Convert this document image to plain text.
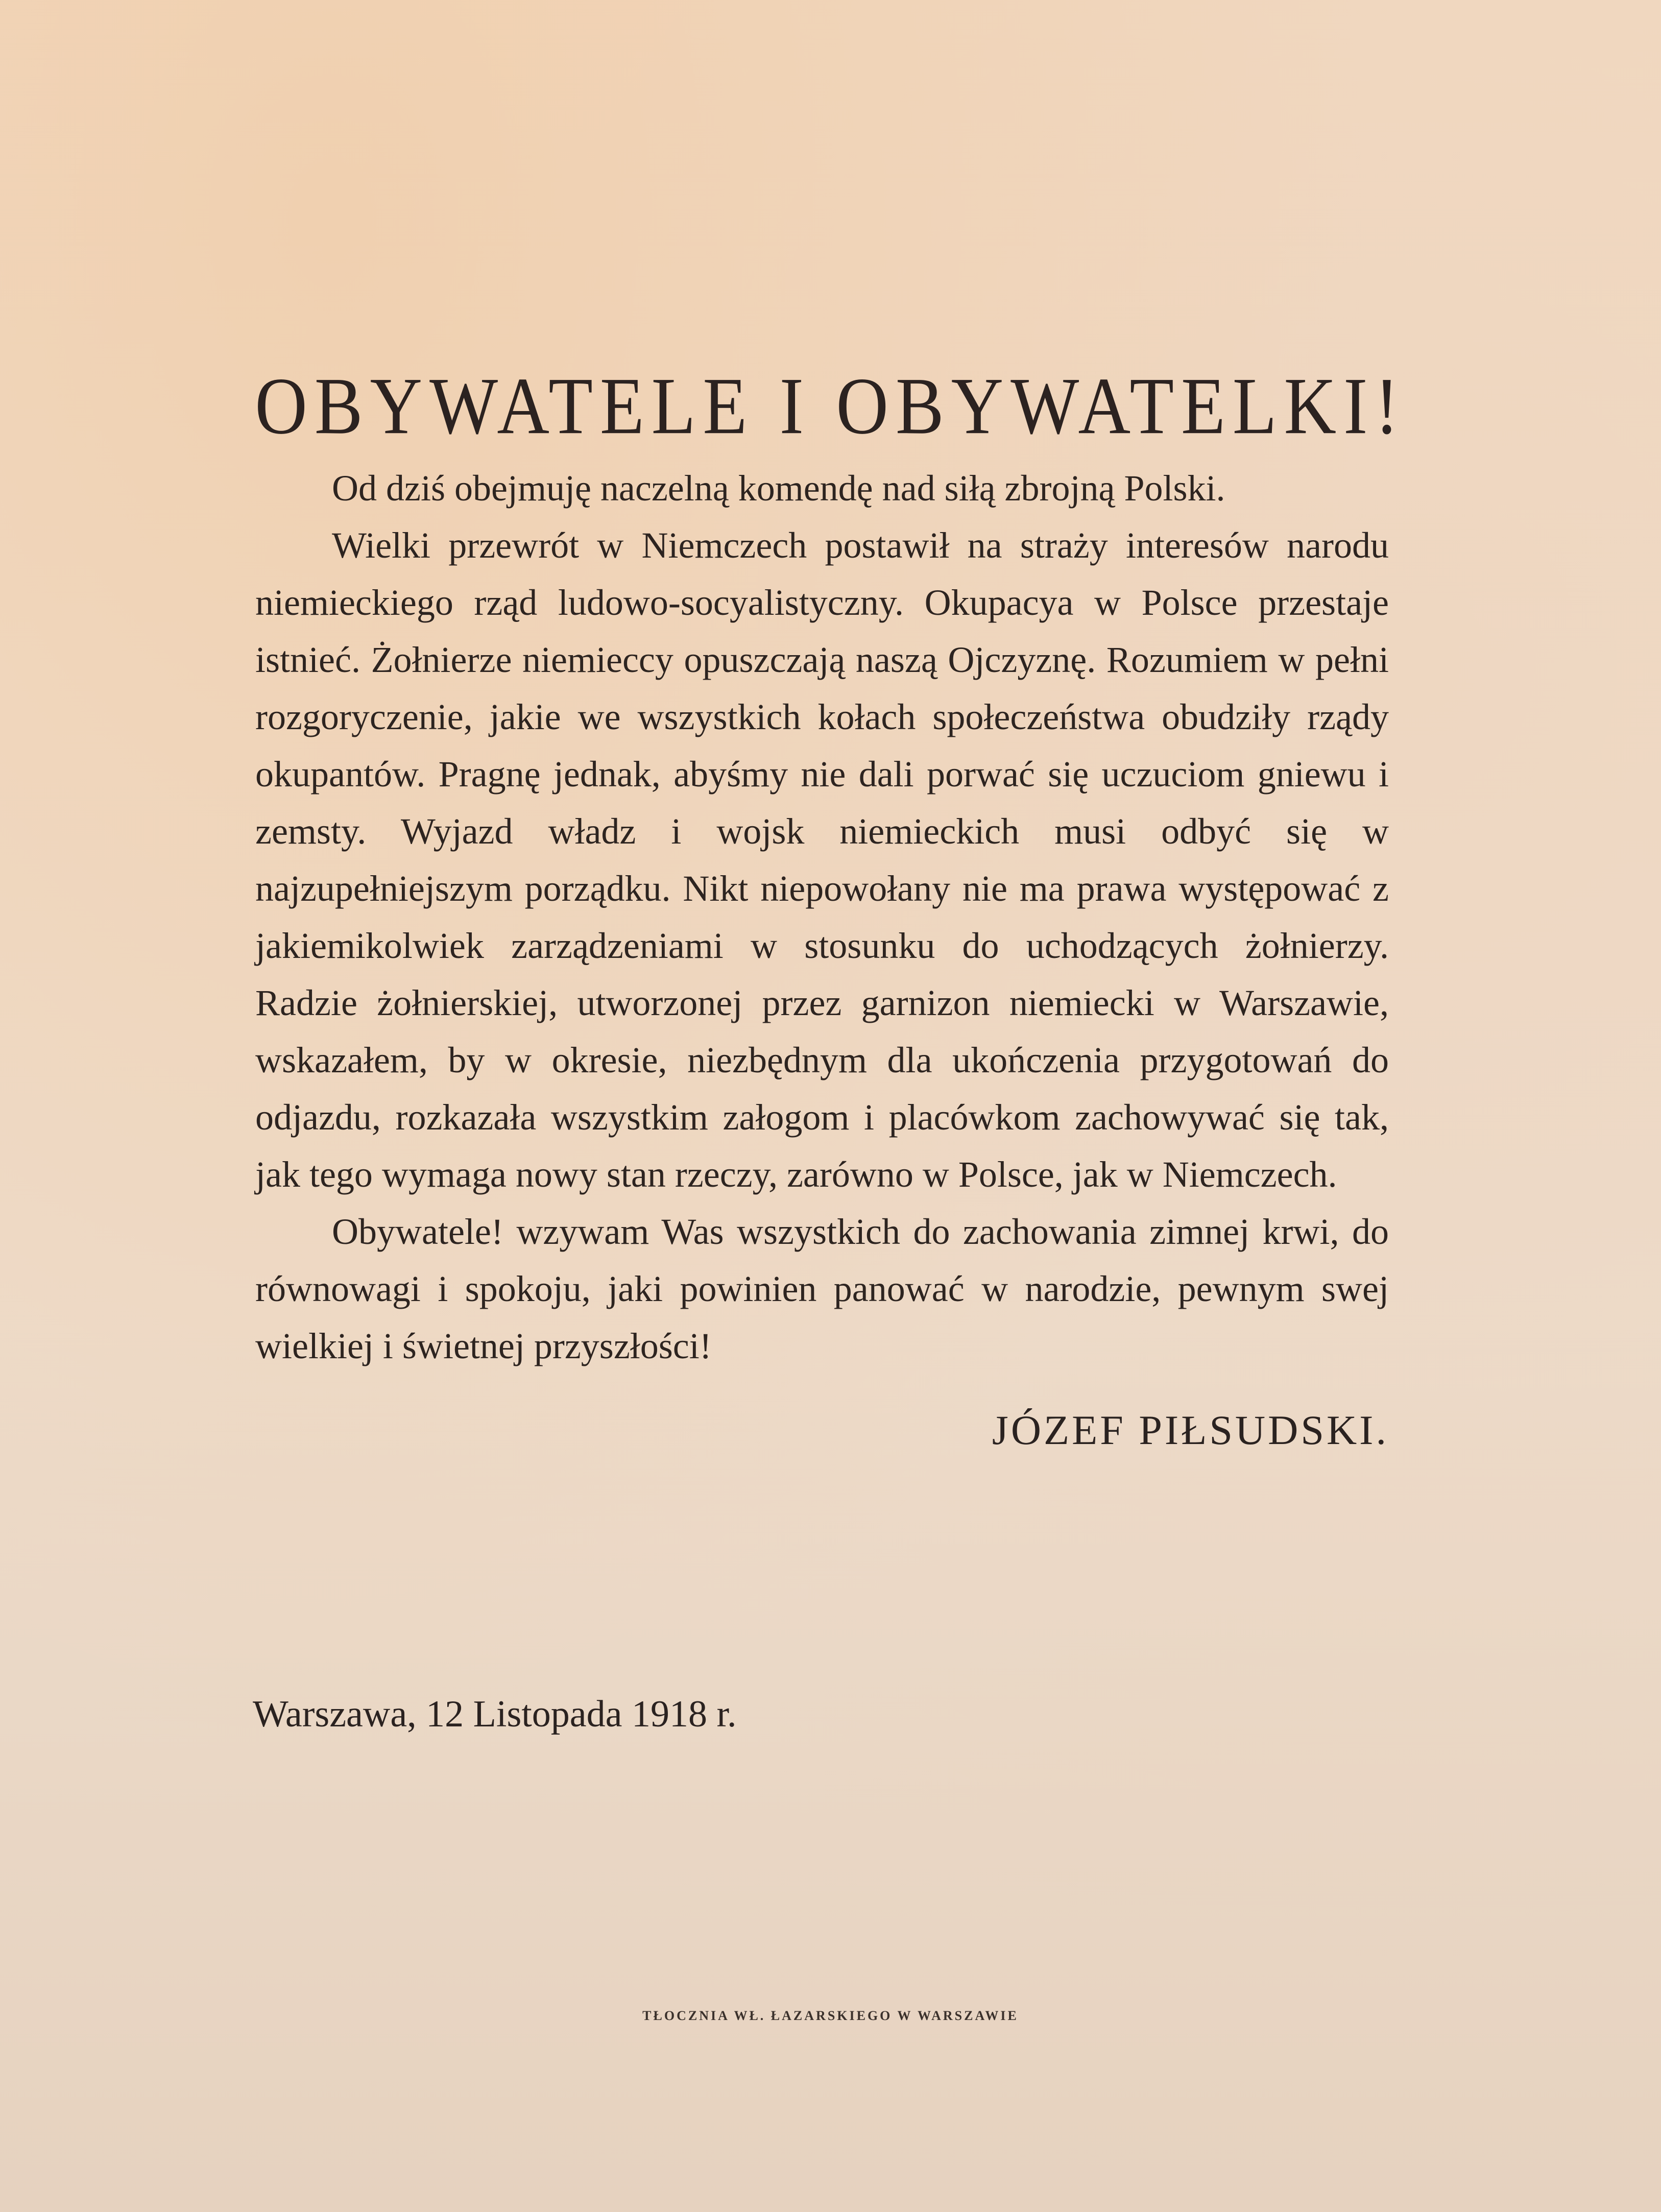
OBYWATELE I OBYWATELKI!

Od dziś obejmuję naczelną komendę nad siłą zbrojną Polski.

Wielki przewrót w Niemczech postawił na straży interesów narodu niemieckiego rząd ludowo-socyalistyczny. Okupacya w Polsce przestaje istnieć. Żołnierze niemieccy opuszczają naszą Ojczyznę. Rozumiem w pełni rozgoryczenie, jakie we wszystkich kołach społeczeństwa obudziły rządy okupantów. Pragnę jednak, abyśmy nie dali porwać się uczuciom gniewu i zemsty. Wyjazd władz i wojsk niemieckich musi odbyć się w najzupełniejszym porządku. Nikt niepowołany nie ma prawa występować z jakiemikolwiek zarządzeniami w stosunku do uchodzących żołnierzy. Radzie żołnierskiej, utworzonej przez garnizon niemiecki w Warszawie, wskazałem, by w okresie, niezbędnym dla ukończenia przygotowań do odjazdu, rozkazała wszystkim załogom i placówkom zachowywać się tak, jak tego wymaga nowy stan rzeczy, zarówno w Polsce, jak w Niemczech.

Obywatele! wzywam Was wszystkich do zachowania zimnej krwi, do równowagi i spokoju, jaki powinien panować w narodzie, pewnym swej wielkiej i świetnej przyszłości!

JÓZEF PIŁSUDSKI.
Warszawa, 12 Listopada 1918 r.
TŁOCZNIA WŁ. ŁAZARSKIEGO W WARSZAWIE
